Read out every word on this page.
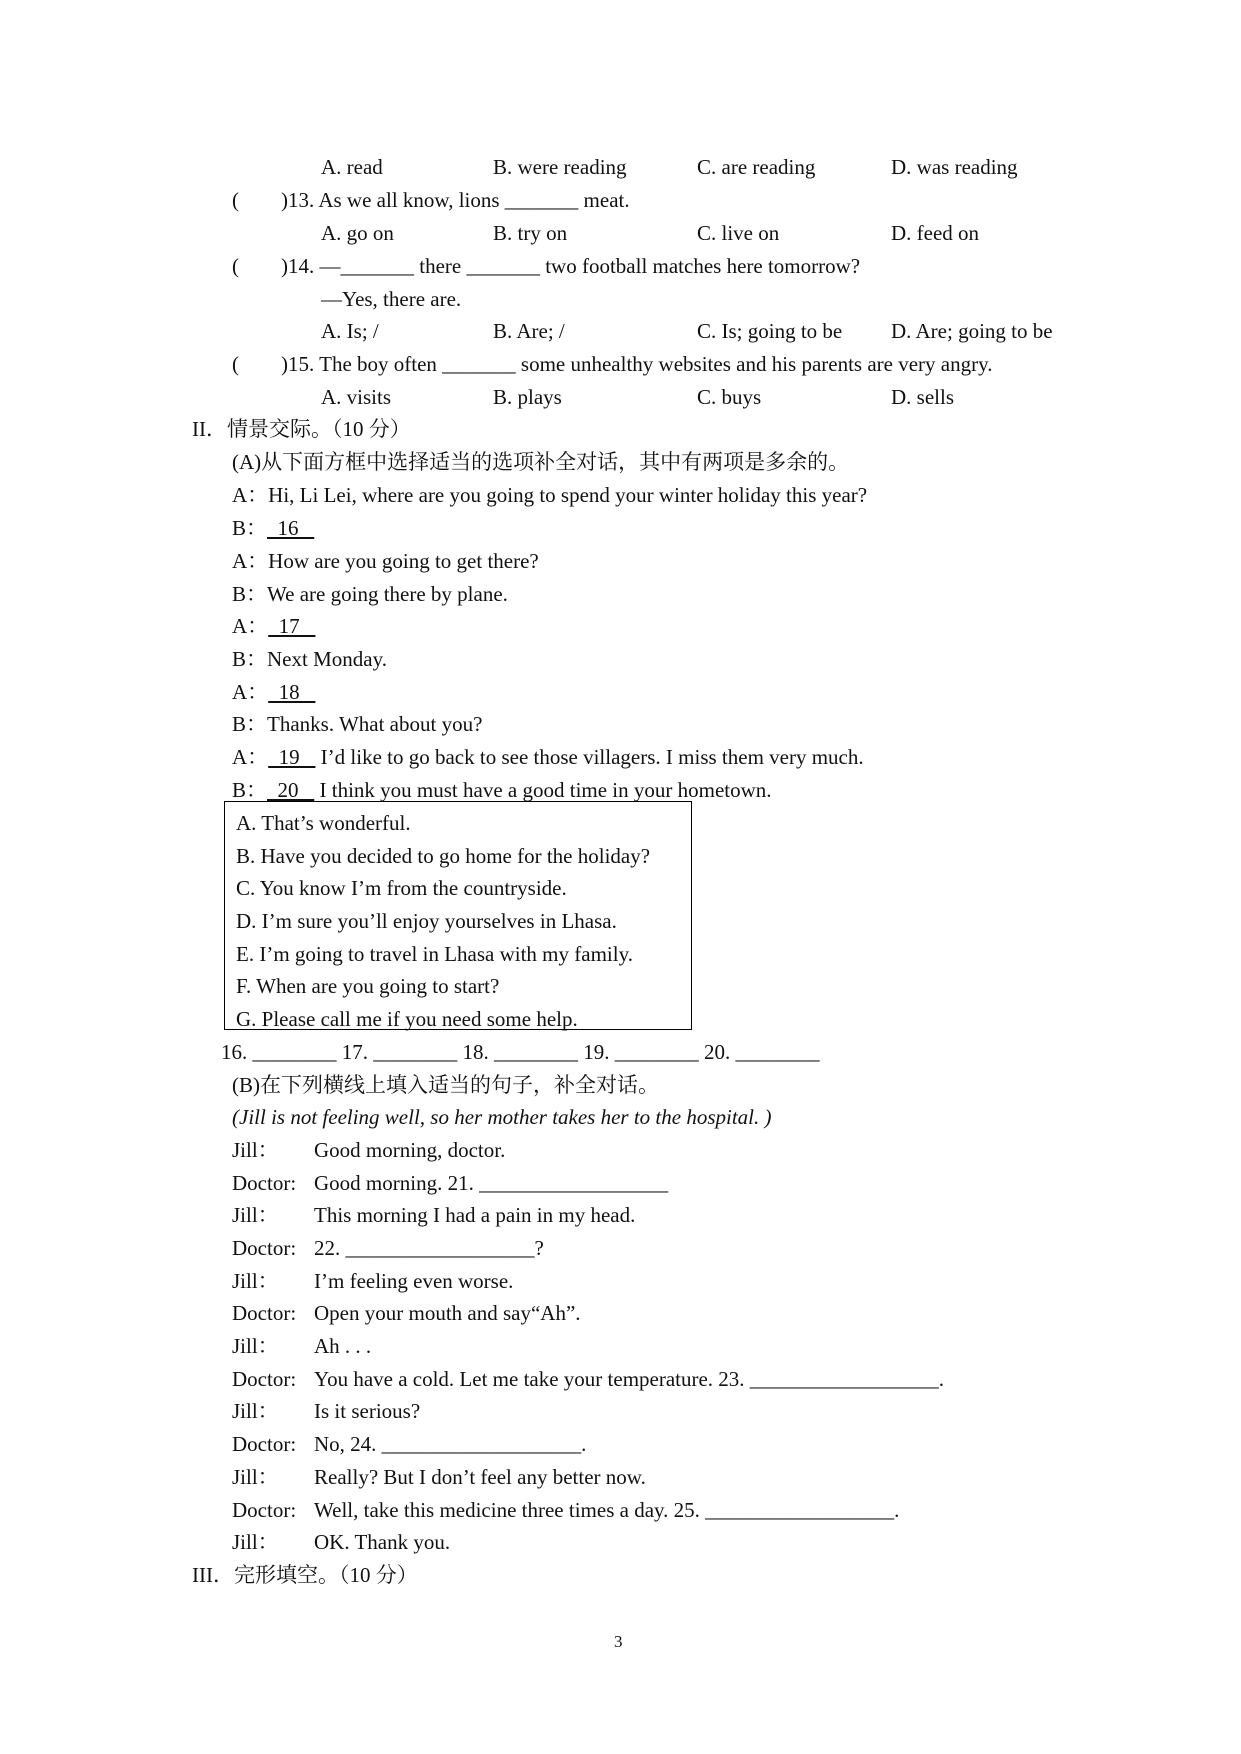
A. read	B. were reading	C. are reading	D. was reading
( )13. As we all know, lions _______ meat.
A. go on	B. try on	C. live on	D. feed on
( )14. —_______ there _______ two football matches here tomorrow?
—Yes, there are.
A. Is; /	B. Are; /	C. Is; going to be D. Are; going to be
( )15. The boy often _______ some unhealthy websites and his parents are very angry.
A. visits	B. plays	C. buys	D. sells
II．情景交际。（10 分）
(A)从下面方框中选择适当的选项补全对话，其中有两项是多余的。
A：Hi, Li Lei, where are you going to spend your winter holiday this year?
B：  16
A：How are you going to get there?
B：We are going there by plane.
A：  17
B：Next Monday.
A：  18
B：Thanks. What about you?
A：  19    I’d like to go back to see those villagers. I miss them very much.
B：  20    I think you must have a good time in your hometown.
A. That’s wonderful.
B. Have you decided to go home for the holiday?
C. You know I’m from the countryside.
D. I’m sure you’ll enjoy yourselves in Lhasa.
E. I’m going to travel in Lhasa with my family.
F. When are you going to start?
G. Please call me if you need some help.
16. ________ 17. ________ 18. ________ 19. ________ 20. ________
(B)在下列横线上填入适当的句子，补全对话。
(Jill is not feeling well, so her mother takes her to the hospital. )
Jill： Good morning, doctor.
Doctor: Good morning. 21. __________________
Jill： This morning I had a pain in my head.
Doctor: 22. __________________?
Jill： I’m feeling even worse.
Doctor: Open your mouth and say“Ah”.
Jill： Ah . . .
Doctor: You have a cold. Let me take your temperature. 23. __________________.
Jill： Is it serious?
Doctor: No, 24. ___________________.
Jill： Really? But I don’t feel any better now.
Doctor: Well, take this medicine three times a day. 25. __________________.
Jill： OK. Thank you.
III．完形填空。（10 分）
3
